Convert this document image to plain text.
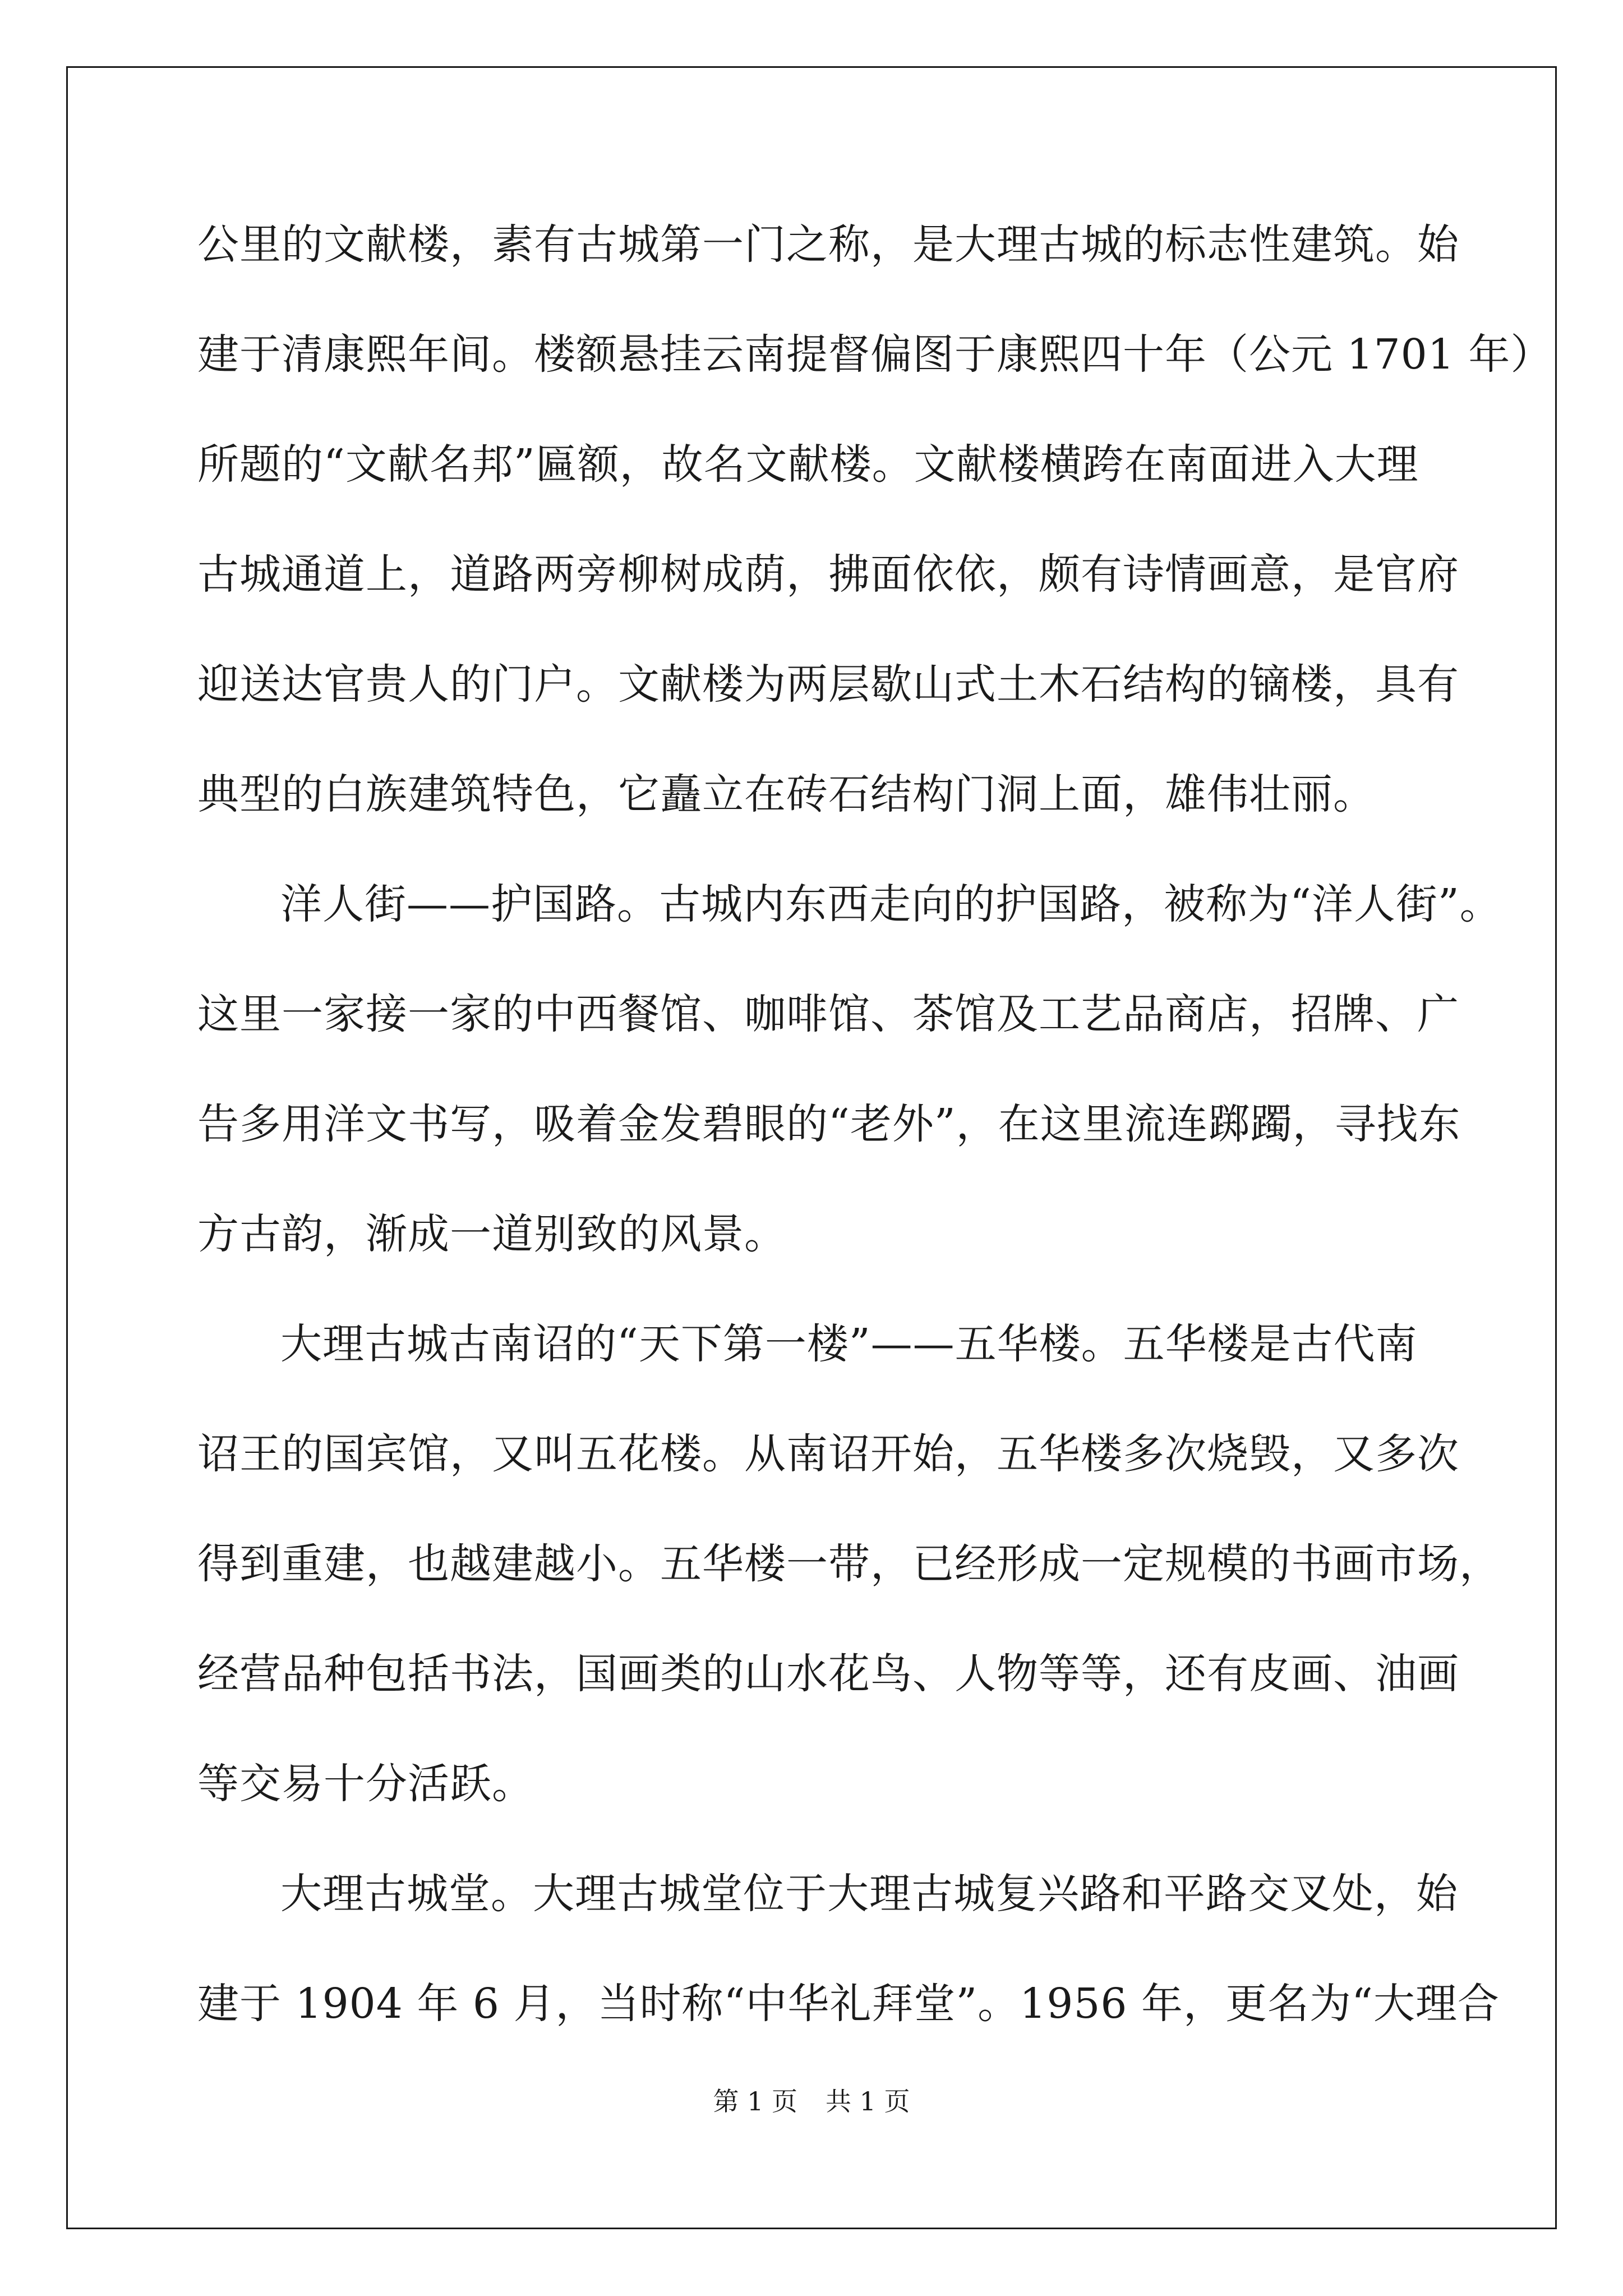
公里的文献楼，素有古城第一门之称，是大理古城的标志性建筑。始
建于清康熙年间。楼额悬挂云南提督偏图于康熙四十年（公元 1701 年）
所题的“文献名邦”匾额，故名文献楼。文献楼横跨在南面进入大理
古城通道上，道路两旁柳树成荫，拂面依依，颇有诗情画意，是官府
迎送达官贵人的门户。文献楼为两层歇山式土木石结构的镝楼，具有
典型的白族建筑特色，它矗立在砖石结构门洞上面，雄伟壮丽。
洋人街——护国路。古城内东西走向的护国路，被称为“洋人街”。
这里一家接一家的中西餐馆、咖啡馆、茶馆及工艺品商店，招牌、广
告多用洋文书写，吸着金发碧眼的“老外”，在这里流连踯躅，寻找东
方古韵，渐成一道别致的风景。
大理古城古南诏的“天下第一楼”——五华楼。五华楼是古代南
诏王的国宾馆，又叫五花楼。从南诏开始，五华楼多次烧毁，又多次
得到重建，也越建越小。五华楼一带，已经形成一定规模的书画市场，
经营品种包括书法，国画类的山水花鸟、人物等等，还有皮画、油画
等交易十分活跃。
大理古城堂。大理古城堂位于大理古城复兴路和平路交叉处，始
建于 1904 年 6 月，当时称“中华礼拜堂”。1956 年，更名为“大理合
第 1 页 共 1 页
